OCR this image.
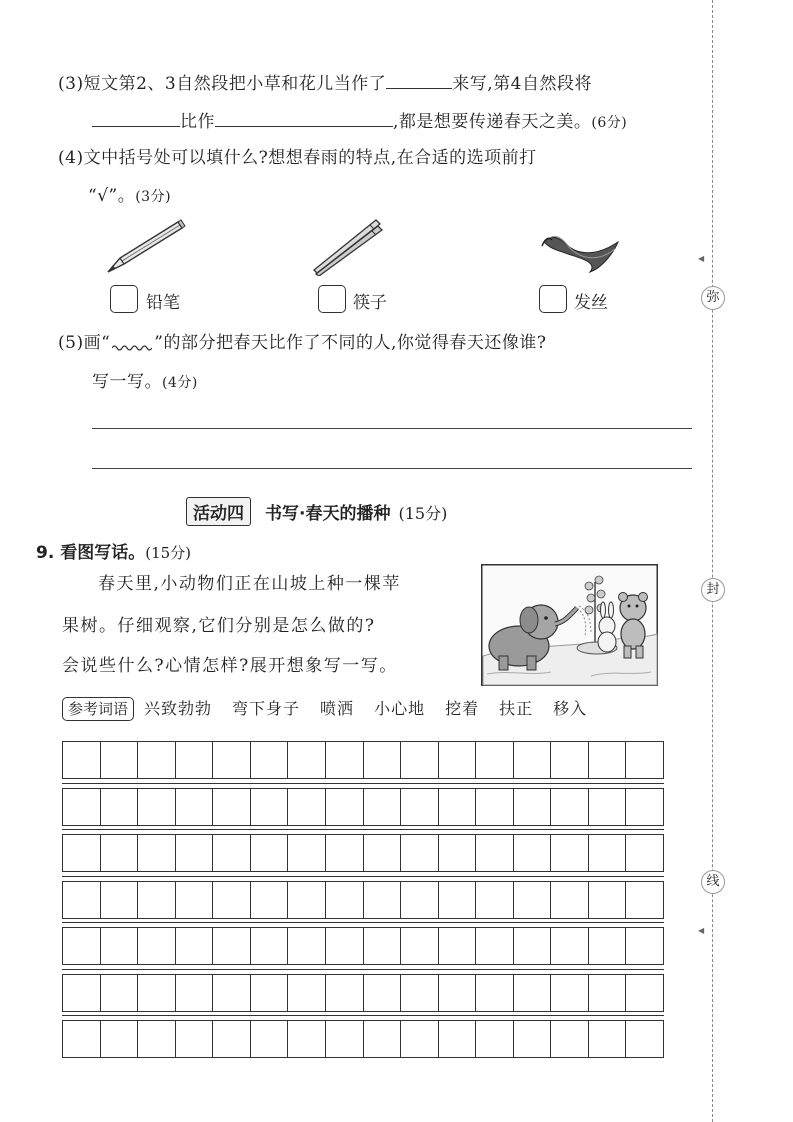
(3)短文第2、3自然段把小草和花儿当作了	来写,第4自然段将
比作	,都是想要传递春天之美。(6分)
(4)文中括号处可以填什么?想想春雨的特点,在合适的选项前打
“√”。(3分)
铅笔	筷子	发丝
(5)画“	”的部分把春天比作了不同的人,你觉得春天还像谁?
写一写。(4分)
活动四 书写·春天的播种 (15分)
9. 看图写话。(15分)
春天里,小动物们正在山坡上种一棵苹
果树。仔细观察,它们分别是怎么做的?
会说些什么?心情怎样?展开想象写一写。
参考词语 兴致勃勃 弯下身子 喷洒 小心地 挖着 扶正 移入
◀
弥
封
线
◀
